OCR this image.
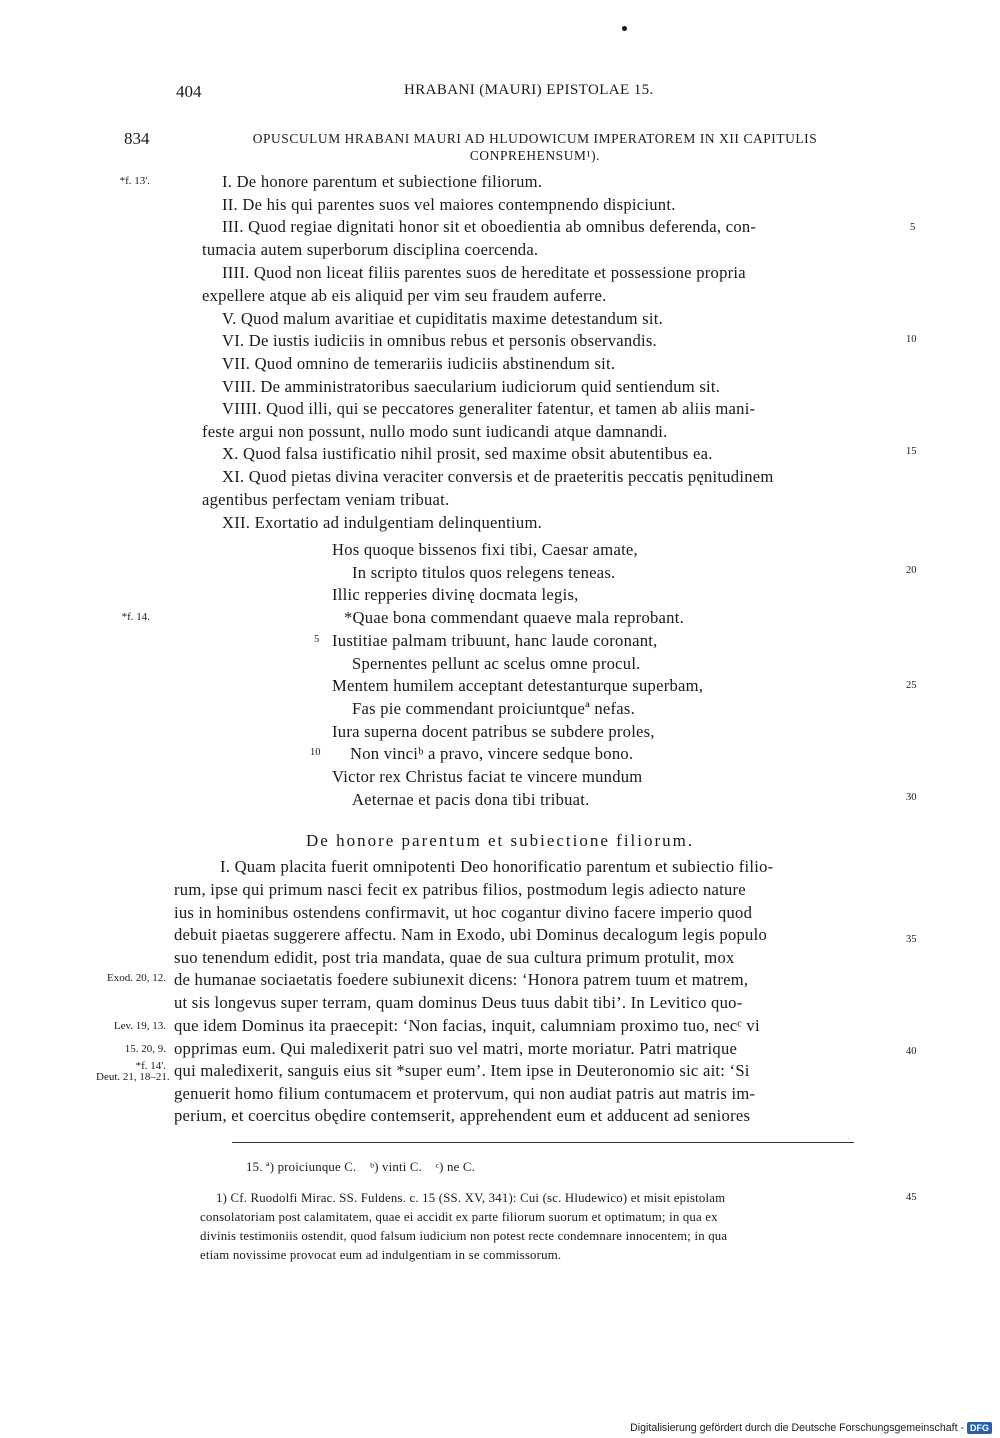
404	HRABANI (MAURI) EPISTOLAE 15.
834	OPUSCULUM HRABANI MAURI AD HLUDOWICUM IMPERATOREM IN XII CAPITULIS CONPREHENSUM¹).
*f. 13'.
*f. 14.
Exod. 20, 12.
Lev. 19, 13.
15. 20, 9.
*f. 14'.
Deut. 21, 18–21.
5
10
15
20
25
30
35
40
45
5
10
I. De honore parentum et subiectione filiorum.
II. De his qui parentes suos vel maiores contempnendo dispiciunt.
III. Quod regiae dignitati honor sit et oboedientia ab omnibus deferenda, con-
tumacia autem superborum disciplina coercenda.
IIII. Quod non liceat filiis parentes suos de hereditate et possessione propria
expellere atque ab eis aliquid per vim seu fraudem auferre.
V. Quod malum avaritiae et cupiditatis maxime detestandum sit.
VI. De iustis iudiciis in omnibus rebus et personis observandis.
VII. Quod omnino de temerariis iudiciis abstinendum sit.
VIII. De amministratoribus saecularium iudiciorum quid sentiendum sit.
VIIII. Quod illi, qui se peccatores generaliter fatentur, et tamen ab aliis mani-
feste argui non possunt, nullo modo sunt iudicandi atque damnandi.
X. Quod falsa iustificatio nihil prosit, sed maxime obsit abutentibus ea.
XI. Quod pietas divina veraciter conversis et de praeteritis peccatis pęnitudinem
agentibus perfectam veniam tribuat.
XII. Exortatio ad indulgentiam delinquentium.
Hos quoque bissenos fixi tibi, Caesar amate,
In scripto titulos quos relegens teneas.
Illic repperies divinę docmata legis,
*Quae bona commendant quaeve mala reprobant.
Iustitiae palmam tribuunt, hanc laude coronant,
Spernentes pellunt ac scelus omne procul.
Mentem humilem acceptant detestanturque superbam,
Fas pie commendant proiciuntqueª nefas.
Iura superna docent patribus se subdere proles,
Non vinciᵇ a pravo, vincere sedque bono.
Victor rex Christus faciat te vincere mundum
Aeternae et pacis dona tibi tribuat.
De honore parentum et subiectione filiorum.
I. Quam placita fuerit omnipotenti Deo honorificatio parentum et subiectio filio-
rum, ipse qui primum nasci fecit ex patribus filios, postmodum legis adiecto nature
ius in hominibus ostendens confirmavit, ut hoc cogantur divino facere imperio quod
debuit piaetas suggerere affectu. Nam in Exodo, ubi Dominus decalogum legis populo
suo tenendum edidit, post tria mandata, quae de sua cultura primum protulit, mox
de humanae sociaetatis foedere subiunexit dicens: ‘Honora patrem tuum et matrem,
ut sis longevus super terram, quam dominus Deus tuus dabit tibi’. In Levitico quo-
que idem Dominus ita praecepit: ‘Non facias, inquit, calumniam proximo tuo, necᶜ vi
opprimas eum. Qui maledixerit patri suo vel matri, morte moriatur. Patri matrique
qui maledixerit, sanguis eius sit *super eum’. Item ipse in Deuteronomio sic ait: ‘Si
genuerit homo filium contumacem et protervum, qui non audiat patris aut matris im-
perium, et coercitus obędire contemserit, apprehendent eum et adducent ad seniores
15. ª) proiciunque C.    ᵇ) vinti C.    ᶜ) ne C.
1) Cf. Ruodolfi Mirac. SS. Fuldens. c. 15 (SS. XV, 341): Cui (sc. Hludewico) et misit epistolam
consolatoriam post calamitatem, quae ei accidit ex parte filiorum suorum et optimatum; in qua ex
divinis testimoniis ostendit, quod falsum iudicium non potest recte condemnare innocentem; in qua
etiam novissime provocat eum ad indulgentiam in se commissorum.
Digitalisierung gefördert durch die Deutsche Forschungsgemeinschaft - DFG
